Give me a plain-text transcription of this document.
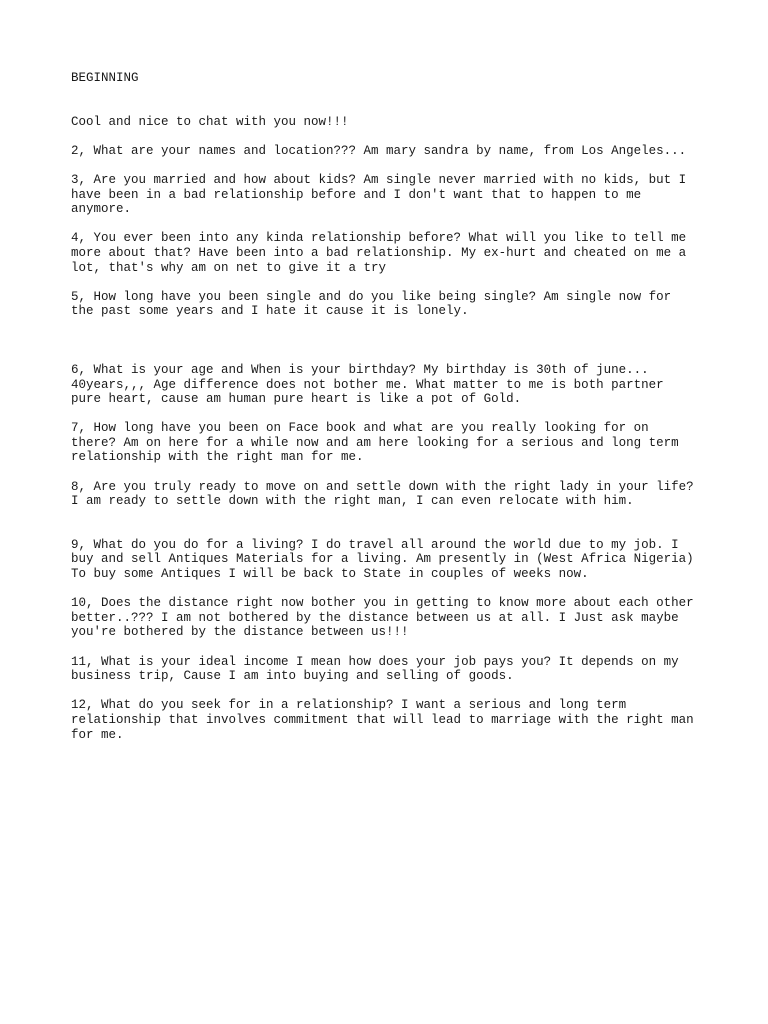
BEGINNING

Cool and nice to chat with you now!!!

2, What are your names and location??? Am mary sandra by name, from Los Angeles...

3, Are you married and how about kids? Am single never married with no kids, but I
have been in a bad relationship before and I don't want that to happen to me
anymore.

4, You ever been into any kinda relationship before? What will you like to tell me
more about that? Have been into a bad relationship. My ex-hurt and cheated on me a
lot, that's why am on net to give it a try

5, How long have you been single and do you like being single? Am single now for
the past some years and I hate it cause it is lonely.

6, What is your age and When is your birthday? My birthday is 30th of june...
40years,,, Age difference does not bother me. What matter to me is both partner
pure heart, cause am human pure heart is like a pot of Gold.

7, How long have you been on Face book and what are you really looking for on
there? Am on here for a while now and am here looking for a serious and long term
relationship with the right man for me.

8, Are you truly ready to move on and settle down with the right lady in your life?
I am ready to settle down with the right man, I can even relocate with him.

9, What do you do for a living? I do travel all around the world due to my job. I
buy and sell Antiques Materials for a living. Am presently in (West Africa Nigeria)
To buy some Antiques I will be back to State in couples of weeks now.

10, Does the distance right now bother you in getting to know more about each other
better..??? I am not bothered by the distance between us at all. I Just ask maybe
you're bothered by the distance between us!!!

11, What is your ideal income I mean how does your job pays you? It depends on my
business trip, Cause I am into buying and selling of goods.

12, What do you seek for in a relationship? I want a serious and long term
relationship that involves commitment that will lead to marriage with the right man
for me.
